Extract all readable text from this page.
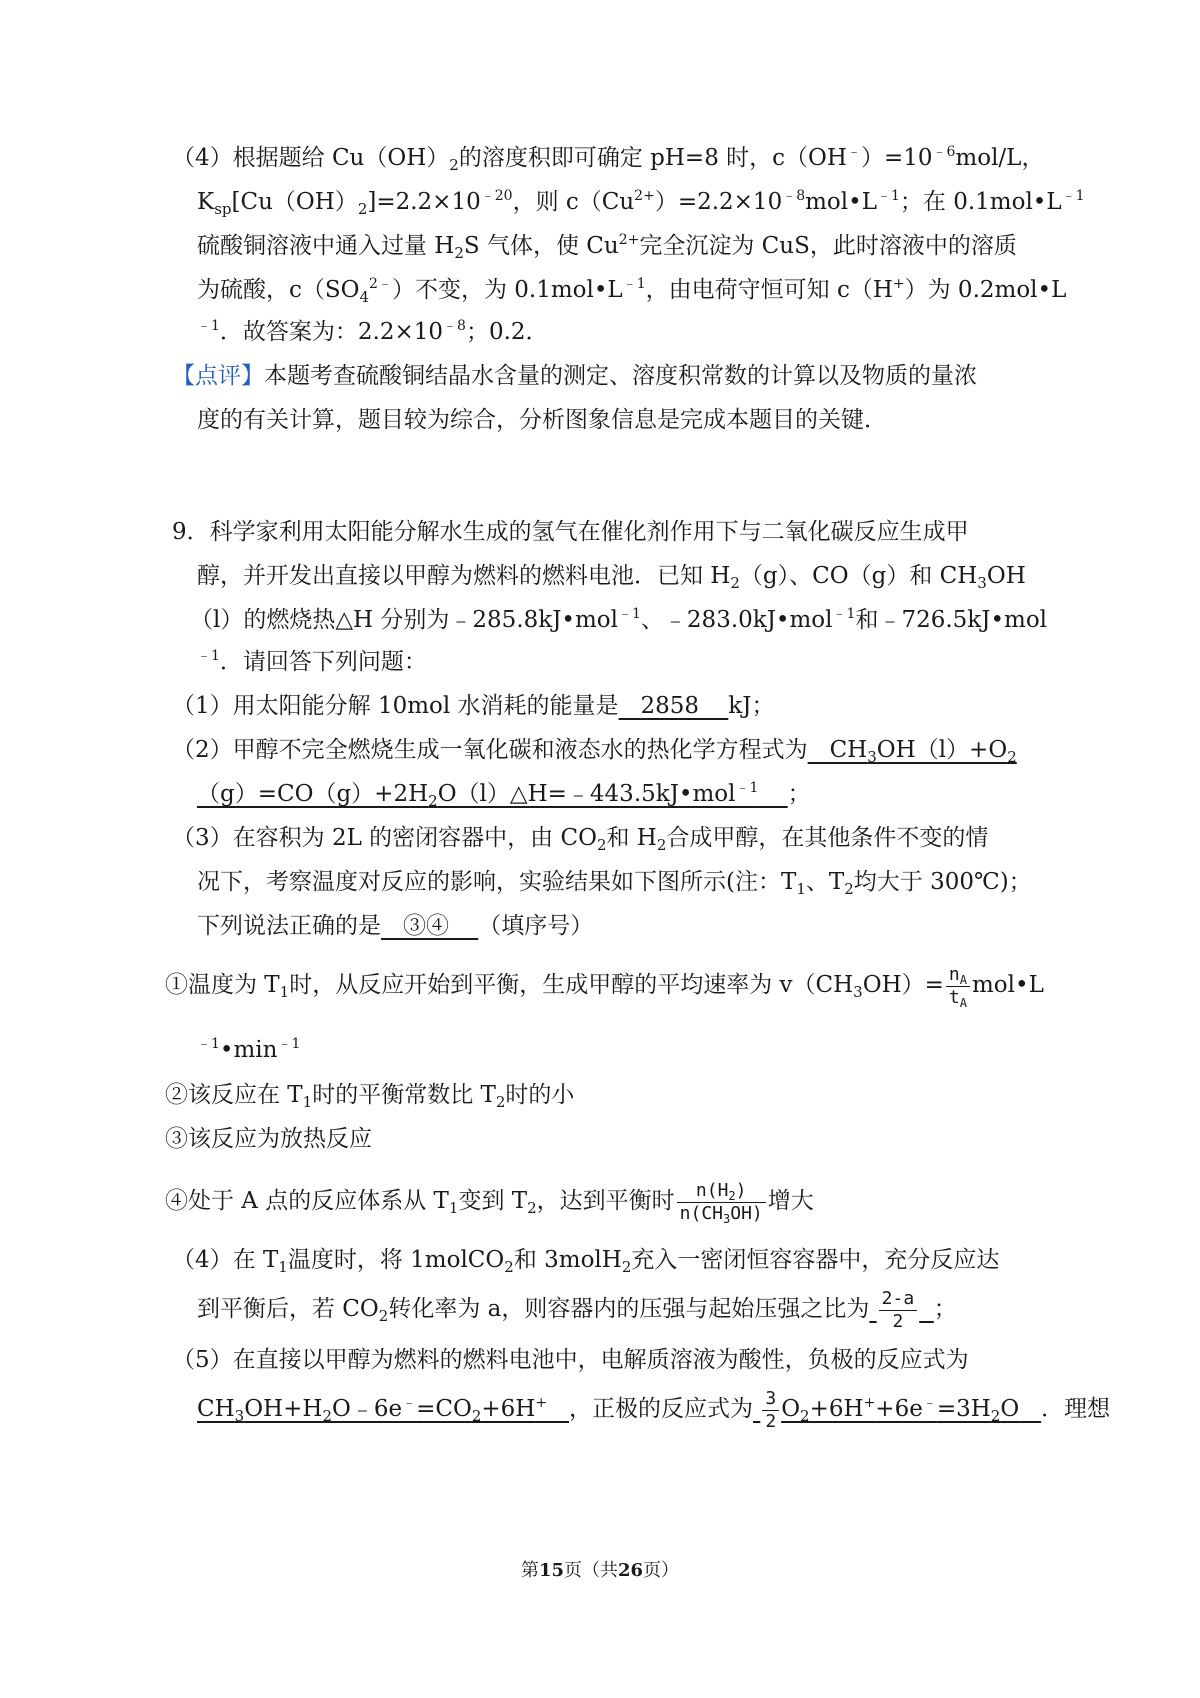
（4）根据题给 $Cu(OH)_2$的溶度积即可确定 pH=8 时，$c(OH^﹣)=10^{﹣6}mol/L$，
$K_{sp}[Cu(OH)_2]=2.2\times 10^{﹣20}$，则 $c(Cu^{2+})=2.2\times 10^{﹣8}mol•L^{﹣1}$；在 $0.1mol•L^{﹣1}$
硫酸铜溶液中通入过量 $H_2S$ 气体，使 $Cu^{2+}$完全沉淀为 CuS，此时溶液中的溶质
为硫酸，$c(SO_4^{2﹣})$不变，为 $0.1mol•L^{﹣1}$，由电荷守恒可知 c（H+）为 0.2mol•L
$^{﹣1}$．故答案为：$2.2\times 10^{﹣8}$；0.2．
【点评】本题考查硫酸铜结晶水含量的测定、溶度积常数的计算以及物质的量浓
度的有关计算，题目较为综合，分析图象信息是完成本题目的关键．
9．科学家利用太阳能分解水生成的氢气在催化剂作用下与二氧化碳反应生成甲
醇，并开发出直接以甲醇为燃料的燃料电池．已知 $H_2(g)$、CO（g）和 $CH_3OH$
（l）的燃烧热△H 分别为﹣285.8kJ•mol$^{﹣1}$、﹣283.0kJ•mol$^{﹣1}$和﹣726.5kJ•mol
$^{﹣1}$．请回答下列问题：
（1）用太阳能分解 10mol 水消耗的能量是 2858 kJ；
（2）甲醇不完全燃烧生成一氧化碳和液态水的热化学方程式为 $CH_3OH(l)+O_2$
$(g)=CO(g)+2H_2O(l)\triangle H=﹣443.5kJ•mol^{﹣1}$ ；
（3）在容积为 2L 的密闭容器中，由 $CO_2$和 $H_2$合成甲醇，在其他条件不变的情
况下，考察温度对反应的影响，实验结果如下图所示(注：$T_1$、$T_2$均大于 300℃)；
下列说法正确的是 ③④ （填序号）
①温度为 $T_1$时，从反应开始到平衡，生成甲醇的平均速率为 $v(CH_3OH)= \frac{n_A}{t_A}$ mol•L
$^{﹣1}•\min^{﹣1}$
②该反应在 $T_1$时的平衡常数比 $T_2$时的小
③该反应为放热反应
④处于 A 点的反应体系从 $T_1$变到 $T_2$，达到平衡时 $\frac{n(H_2)}{n(CH_3OH)}$ 增大
（4）在 $T_1$温度时，将 1molCO$_2$和 3molH$_2$充入一密闭恒容容器中，充分反应达
到平衡后，若 $CO_2$转化率为 a，则容器内的压强与起始压强之比为 $\frac{2-a}{2}$ ；
（5）在直接以甲醇为燃料的燃料电池中，电解质溶液为酸性，负极的反应式为
$CH_3OH+H_2O﹣6e^﹣=CO_2+6H^+$ ，正极的反应式为 $\frac{3}{2} O_2+6H^++6e^﹣=3H_2O$ ．理想
第15页（共26页）
